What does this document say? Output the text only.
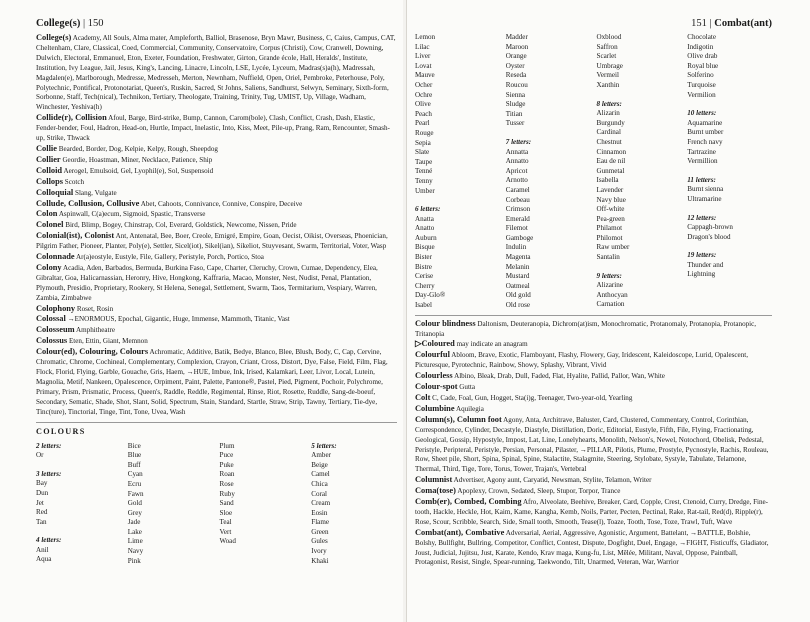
College(s) | 150

College(s) Academy, All Souls, Alma mater, Ampleforth, Balliol, Brasenose, Bryn Mawr, Business, C, Caius, Campus, CAT, Cheltenham, Clare, Classical, Coed, Commercial, Community, Conservatoire, Corpus (Christi), Cow, Cranwell, Downing, Dulwich, Electoral, Emmanuel, Eton, Exeter, Foundation, Freshwater, Girton, Grande école, Hall, Heralds', Institute, Institution, Ivy League, Jail, Jesus, King's, Lancing, Linacre, Lincoln, LSE, Lycée, Lyceum, Madras(s)a(h), Madressah, Magdalen(e), Marlborough, Medresse, Medresseh, Merton, Newnham, Nuffield, Open, Oriel, Pembroke, Peterhouse, Poly, Polytechnic, Pontifical, Protonotariat, Queen's, Ruskin, Sacred, St Johns, Saliens, Sandhurst, Selwyn, Seminary, Sixth-form, Sorbonne, Staff, Tech(nical), Technikon, Tertiary, Theologate, Training, Trinity, Tug, UMIST, Up, Village, Wadham, Winchester, Yeshiva(h)

Collide(r), Collision Afoul, Barge, Bird-strike, Bump, Cannon, Carom(bole), Clash, Conflict, Crash, Dash, Elastic, Fender-bender, Foul, Hadron, Head-on, Hurtle, Impact, Inelastic, Into, Kiss, Meet, Pile-up, Prang, Ram, Rencounter, Smash-up, Strike, Thwack

Collie Bearded, Border, Dog, Kelpie, Kelpy, Rough, Sheepdog

Collier Geordie, Hoastman, Miner, Necklace, Patience, Ship

Colloid Aerogel, Emulsoid, Gel, Lyophil(e), Sol, Suspensoid

Collops Scotch

Colloquial Slang, Vulgate

Collude, Collusion, Collusive Abet, Cahoots, Connivance, Connive, Conspire, Deceive

Colon Aspinwall, C(a)ecum, Sigmoid, Spastic, Transverse

Colonel Bird, Blimp, Bogey, Chinstrap, Col, Everard, Goldstick, Newcome, Nissen, Pride

Colonial(ist), Colonist Ant, Antenatal, Bee, Boer, Creole, Emigré, Empire, Goan, Oecist, Oikist, Overseas, Phoenician, Pilgrim Father, Pioneer, Planter, Poly(e), Settler, Sicel(iot), Sikel(ian), Sikeliot, Stuyvesant, Swarm, Territorial, Voter, Wasp

Colonnade Ar(a)eostyle, Eustyle, File, Gallery, Peristyle, Porch, Portico, Stoa

Colony Acadia, Aden, Barbados, Bermuda, Burkina Faso, Cape, Charter, Cleruchy, Crown, Cumae, Dependency, Elea, Gibraltar, Goa, Halicarnassian, Heronry, Hive, Hongkong, Kaffraria, Macao, Monster, Nest, Nudist, Penal, Plantation, Plymouth, Presidio, Proprietary, Rookery, St Helena, Senegal, Settlement, Swarm, Taos, Termitarium, Vespiary, Warren, Zambia, Zimbabwe

Colophony Roset, Rosin

Colossal →ENORMOUS, Epochal, Gigantic, Huge, Immense, Mammoth, Titanic, Vast

Colosseum Amphitheatre

Colossus Eten, Ettin, Giant, Memnon

Colour(ed), Colouring, Colours Achromatic, Additive, Batik, Bedye, Blanco, Blee, Blush, Body, C, Cap, Cervine, Chromatic, Chrome, Cochineal, Complementary, Complexion, Crayon, Criant, Cross, Distort, Dye, False, Field, Film, Flag, Flock, Florid, Flying, Garble, Gouache, Gris, Haem, →HUE, Imbue, Ink, Irised, Kalamkari, Leer, Livor, Local, Lutein, Magnolia, Metif, Nankeen, Opalescence, Orpiment, Paint, Palette, Pantone®, Pastel, Pied, Pigment, Pochoir, Polychrome, Primary, Prism, Prismatic, Process, Queen's, Raddle, Reddle, Regimental, Rinse, Riot, Rosette, Ruddle, Sang-de-boeuf, Secondary, Sematic, Shade, Shot, Slant, Solid, Spectrum, Stain, Standard, Startle, Straw, Strip, Tawny, Tertiary, Tie-dye, Tinc(ture), Tinctorial, Tinge, Tint, Tone, Uvea, Wash

COLOURS
2 letters:
Or
3 letters:
Bay
Dun
Jet
Red
Tan
4 letters:
Anil
Aqua
Bice
Blue
Buff
Cyan
Ecru
Fawn
Gold
Grey
Jade
Lake
Lime
Navy
Pink
Plum
Puce
Puke
Roan
Rose
Ruby
Sand
Sloe
Teal
Vert
Woad
5 letters:
Amber
Beige
Camel
Chica
Coral
Cream
Eosin
Flame
Green
Gules
Ivory
Khaki
151 | Combat(ant)
Lemon
Lilac
Liver
Lovat
Mauve
Ocher
Ochre
Olive
Peach
Pearl
Rouge
Sepia
Slate
Taupe
Tenné
Tenny
Umber
6 letters:
Anatta
Anatto
Auburn
Bisque
Bister
Bistre
Cerise
Cherry
Day-Glo®
Isabel
Madder
Maroon
Orange
Oyster
Reseda
Roucou
Sienna
Sludge
Titian
Tusser
7 letters:
Annatta
Annatto
Apricot
Arnotto
Caramel
Corbeau
Crimson
Emerald
Filemot
Gamboge
Indulin
Magenta
Melanin
Mustard
Oatmeal
Old gold
Old rose
Oxblood
Saffron
Scarlet
Umbrage
Vermeil
Xanthin
8 letters:
Alizarin
Burgundy
Cardinal
Chestnut
Cinnamon
Eau de nil
Gunmetal
Isabella
Lavender
Navy blue
Off-white
Pea-green
Philamot
Philomot
Raw umber
Santalin
9 letters:
Alizarine
Anthocyan
Carnation
Chocolate
Indigotin
Olive drab
Royal blue
Solferino
Turquoise
Vermilion
10 letters:
Aquamarine
Burnt umber
French navy
Tartrazine
Vermillion
11 letters:
Burnt sienna
Ultramarine
12 letters:
Cappagh-brown
Dragon's blood
19 letters:
Thunder and
Lightning

Colour blindness Daltonism, Deuteranopia, Dichrom(at)ism, Monochromatic, Protanomaly, Protanopia, Protanopic, Tritanopia

▷Coloured may indicate an anagram

Colourful Abloom, Brave, Exotic, Flamboyant, Flashy, Flowery, Gay, Iridescent, Kaleidoscope, Lurid, Opalescent, Picturesque, Pyrotechnic, Rainbow, Showy, Splashy, Vibrant, Vivid

Colourless Albino, Bleak, Drab, Dull, Faded, Flat, Hyalite, Pallid, Pallor, Wan, White

Colour-spot Gutta

Colt C, Cade, Foal, Gun, Hogget, Sta(i)g, Teenager, Two-year-old, Yearling

Columbine Aquilegia

Column(s), Column foot Agony, Anta, Architrave, Baluster, Card, Clustered, Commentary, Control, Corinthian, Correspondence, Cylinder, Decastyle, Diastyle, Distillation, Doric, Editorial, Eustyle, Fifth, File, Flying, Fractionating, Geological, Gossip, Hypostyle, Impost, Lat, Line, Lonelyhearts, Monolith, Nelson's, Newel, Notochord, Obelisk, Pedestal, Peristyle, Peripteral, Peristyle, Persian, Personal, Pilaster, →PILLAR, Pilotis, Plume, Prostyle, Pycnostyle, Rachis, Rouleau, Row, Sheet pile, Short, Spina, Spinal, Spine, Stalactite, Stalagmite, Steering, Stylobate, Systyle, Tabulate, Telamone, Thermal, Third, Tige, Tore, Torus, Tower, Trajan's, Vertebral

Columnist Advertiser, Agony aunt, Caryatid, Newsman, Stylite, Telamon, Writer

Coma(tose) Apoplexy, Crown, Sedated, Sleep, Stupor, Torpor, Trance

Comb(er), Combed, Combing Afro, Alveolate, Beehive, Breaker, Card, Copple, Crest, Ctenoid, Curry, Dredge, Fine-tooth, Hackle, Heckle, Hot, Kaim, Kame, Kangha, Kemb, Noils, Parter, Pecten, Pectinal, Rake, Rat-tail, Red(d), Ripple(r), Rose, Scour, Scribble, Search, Side, Small tooth, Smooth, Tease(l), Toaze, Tooth, Tose, Toze, Trawl, Tuft, Wave

Combat(ant), Combative Adversarial, Aerial, Aggressive, Agonistic, Argument, Battelant, →BATTLE, Bolshie, Bolshy, Bullfight, Bullring, Competitor, Conflict, Contest, Dispute, Dogfight, Duel, Engage, →FIGHT, Fisticuffs, Gladiator, Joust, Judicial, Jujitsu, Just, Karate, Kendo, Krav maga, Kung-fu, List, Mêlée, Militant, Naval, Oppose, Paintball, Protagonist, Resist, Single, Spear-running, Taekwondo, Tilt, Unarmed, Veteran, War, Warrior
